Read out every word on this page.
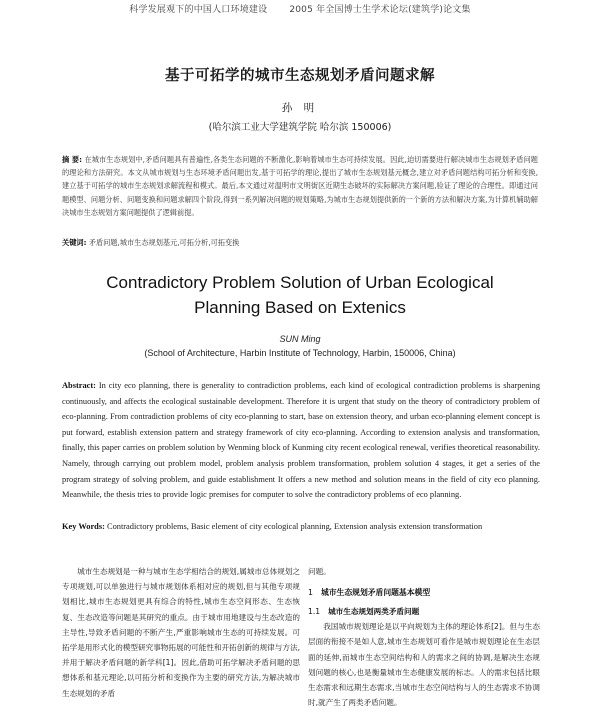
科学发展观下的中国人口环境建设 2005 年全国博士生学术论坛(建筑学)论文集
基于可拓学的城市生态规划矛盾问题求解
孙 明
(哈尔滨工业大学建筑学院 哈尔滨 150006)

摘 要: 在城市生态规划中,矛盾问题具有普遍性,各类生态问题的不断激化,影响着城市生态可持续发展。因此,迫切需要进行解决城市生态规划矛盾问题的理论和方法研究。本文从城市规划与生态环境矛盾问题出发,基于可拓学的理论,提出了城市生态规划基元概念,建立对矛盾问题结构可拓分析和变换,建立基于可拓学的城市生态规划求解流程和模式。最后,本文通过对温明市文明街区近期生态破坏的实际解决方案问题,验证了理论的合理性。即通过问题模型、问题分析、问题变换和问题求解四个阶段,得到一系列解决问题的规划策略,为城市生态规划提供新的一个新的方法和解决方案,为计算机辅助解决城市生态规划方案问题提供了逻辑前提。

关键词: 矛盾问题,城市生态规划基元,可拓分析,可拓变换

Contradictory Problem Solution of Urban Ecological
Planning Based on Extenics
SUN Ming
(School of Architecture, Harbin Institute of Technology, Harbin, 150006, China)

Abstract: In city eco planning, there is generality to contradiction problems, each kind of ecological contradiction problems is sharpening continuously, and affects the ecological sustainable development. Therefore it is urgent that study on the theory of contradictory problem of eco-planning. From contradiction problems of city eco-planning to start, base on extension theory, and urban eco-planning element concept is put forward, establish extension pattern and strategy framework of city eco-planning. According to extension analysis and transformation, finally, this paper carries on problem solution by Wenming block of Kunming city recent ecological renewal, verifies theoretical reasonability. Namely, through carrying out problem model, problem analysis problem transformation, problem solution 4 stages, it get a series of the program strategy of solving problem, and guide establishment It offers a new method and solution means in the field of city eco planning. Meanwhile, the thesis tries to provide logic premises for computer to solve the contradictory problems of eco planning.

Key Words: Contradictory problems, Basic element of city ecological planning, Extension analysis extension transformation

城市生态规划是一种与城市生态学相结合的规划,属城市总体规划之专项规划,可以单独进行与城市规划体系相对应的规划,但与其他专项规划相比,城市生态规划更具有综合的特性,城市生态空间形态、生态恢复、生态改造等问题是其研究的重点。由于城市用地建设与生态改造的主导性,导致矛盾问题的不断产生,严重影响城市生态的可持续发展。可拓学是用形式化的模型研究事物拓展的可能性和开拓创新的规律与方法,并用于解决矛盾问题的新学科[1]。因此,借助可拓学解决矛盾问题的思想体系和基元理论,以可拓分析和变换作为主要的研究方法,为解决城市生态规划的矛盾

问题。

1 城市生态规划矛盾问题基本模型
1.1 城市生态规划两类矛盾问题

我国城市规划理论是以平向规划为主体的理论体系[2]。但与生态层面的衔接不是如人意,城市生态规划可看作是城市规划理论在生态层面的延伸,而城市生态空间结构和人的需求之间的协调,是解决生态规划问题的核心,也是衡量城市生态健康发展的标志。人的需求包括比眼生态需求和远期生态需求,当城市生态空间结构与人的生态需求不协调时,就产生了两类矛盾问题。
